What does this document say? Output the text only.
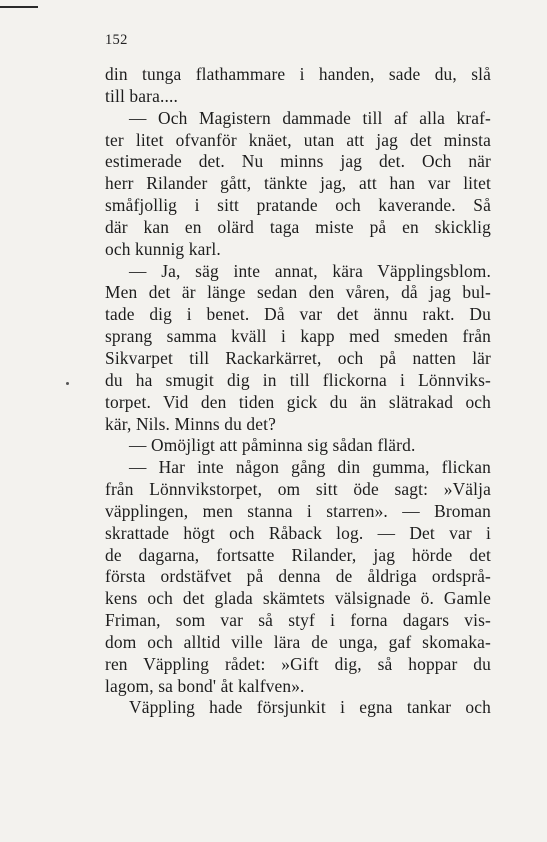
152
din tunga flathammare i handen, sade du, slå
till bara....
— Och Magistern dammade till af alla kraf-
ter litet ofvanför knäet, utan att jag det minsta
estimerade det. Nu minns jag det. Och när
herr Rilander gått, tänkte jag, att han var litet
småfjollig i sitt pratande och kaverande. Så
där kan en olärd taga miste på en skicklig
och kunnig karl.
— Ja, säg inte annat, kära Väpplingsblom.
Men det är länge sedan den våren, då jag bul-
tade dig i benet. Då var det ännu rakt. Du
sprang samma kväll i kapp med smeden från
Sikvarpet till Rackarkärret, och på natten lär
du ha smugit dig in till flickorna i Lönnviks-
torpet. Vid den tiden gick du än slätrakad och
kär, Nils. Minns du det?
— Omöjligt att påminna sig sådan flärd.
— Har inte någon gång din gumma, flickan
från Lönnvikstorpet, om sitt öde sagt: »Välja
väpplingen, men stanna i starren». — Broman
skrattade högt och Råback log. — Det var i
de dagarna, fortsatte Rilander, jag hörde det
första ordstäfvet på denna de åldriga ordsprå-
kens och det glada skämtets välsignade ö. Gamle
Friman, som var så styf i forna dagars vis-
dom och alltid ville lära de unga, gaf skomaka-
ren Väppling rådet: »Gift dig, så hoppar du
lagom, sa bond' åt kalfven».
Väppling hade försjunkit i egna tankar och
